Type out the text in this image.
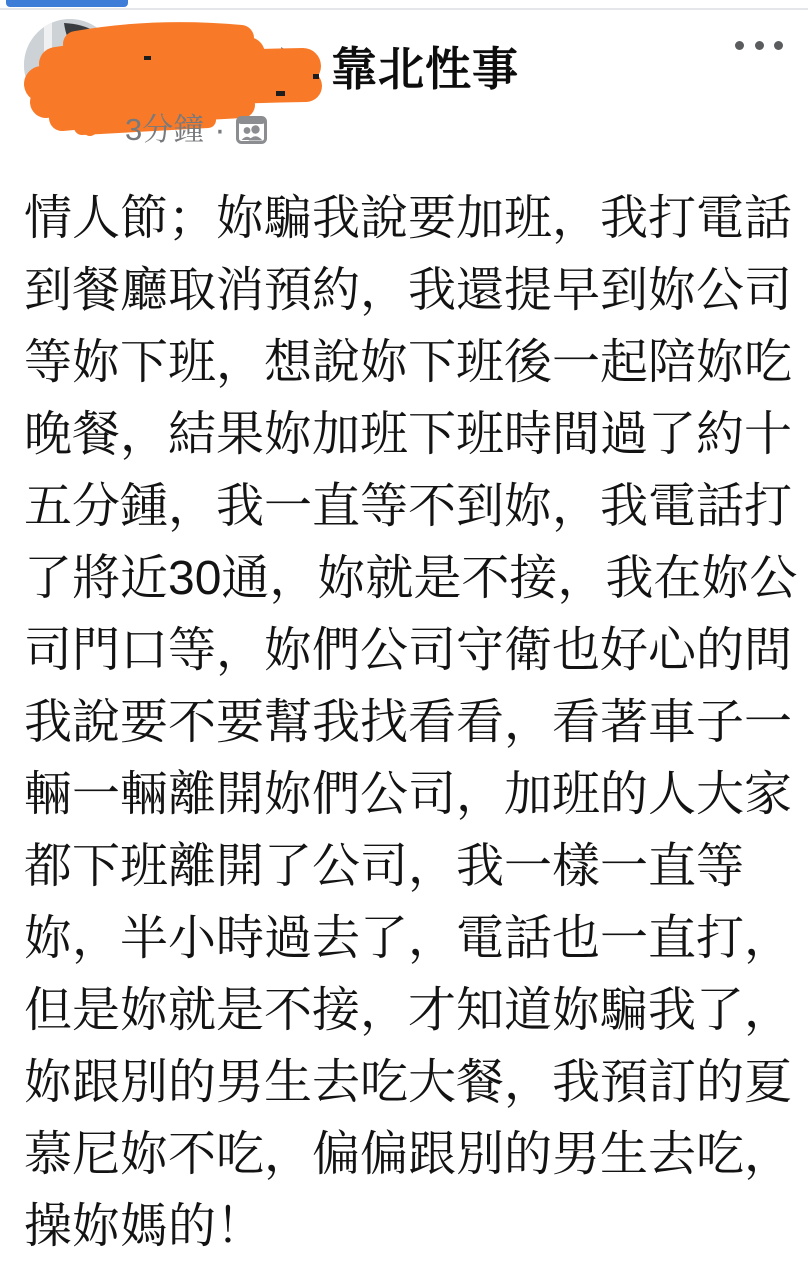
靠北性事
3分鐘 ·
情人節；妳騙我說要加班，我打電話
到餐廳取消預約，我還提早到妳公司
等妳下班，想說妳下班後一起陪妳吃
晚餐，結果妳加班下班時間過了約十
五分鍾，我一直等不到妳，我電話打
了將近30通，妳就是不接，我在妳公
司門口等，妳們公司守衛也好心的問
我說要不要幫我找看看，看著車子一
輛一輛離開妳們公司，加班的人大家
都下班離開了公司，我一樣一直等
妳，半小時過去了，電話也一直打，
但是妳就是不接，才知道妳騙我了，
妳跟別的男生去吃大餐，我預訂的夏
慕尼妳不吃，偏偏跟別的男生去吃，
操妳媽的！
